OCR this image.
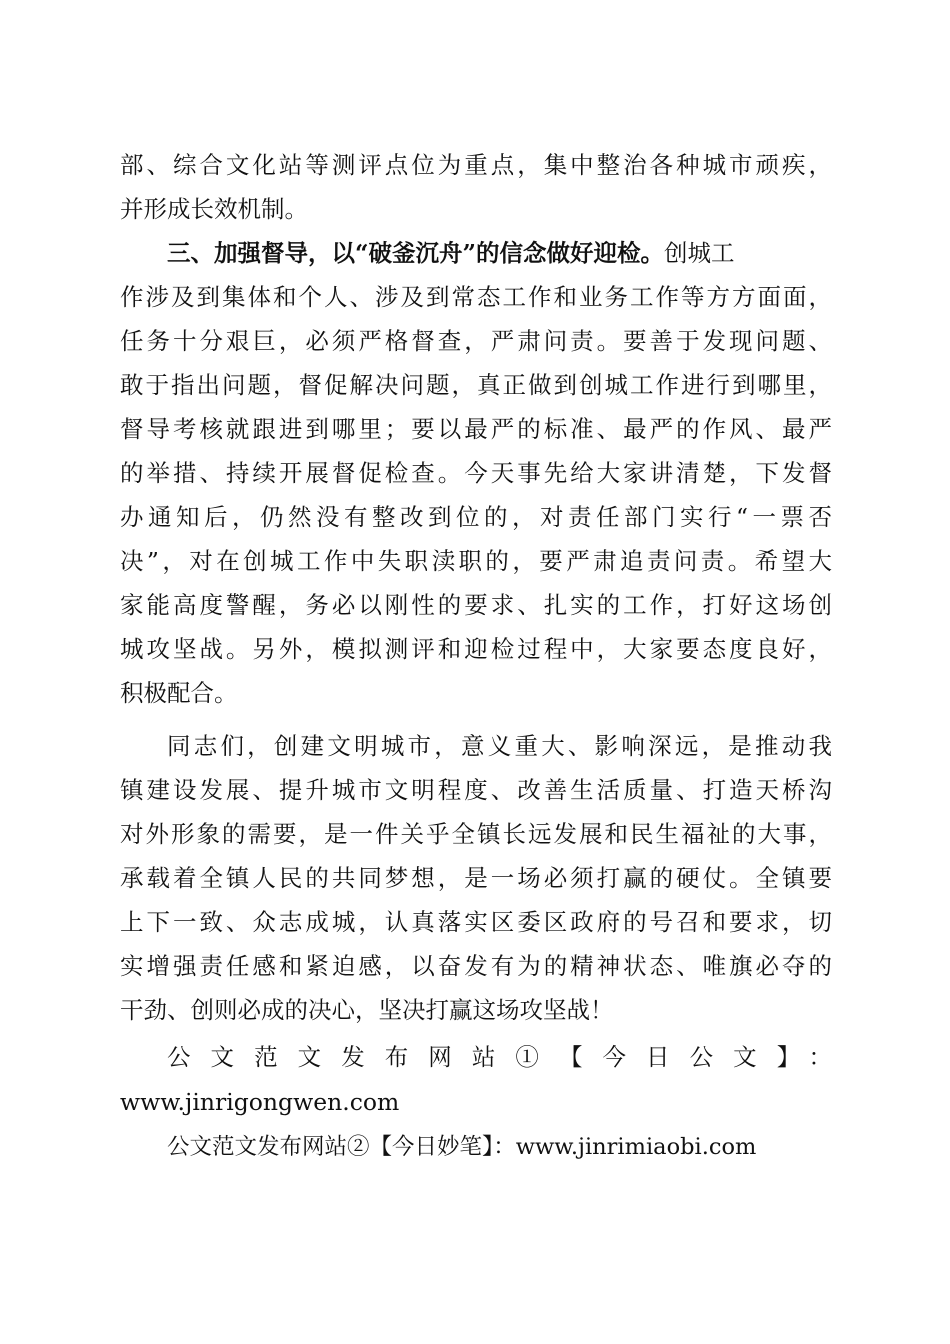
部、综合文化站等测评点位为重点，集中整治各种城市顽疾，
并形成长效机制。
三、加强督导，以“破釜沉舟”的信念做好迎检。创城工
作涉及到集体和个人、涉及到常态工作和业务工作等方方面面，
任务十分艰巨，必须严格督查，严肃问责。要善于发现问题、
敢于指出问题，督促解决问题，真正做到创城工作进行到哪里，
督导考核就跟进到哪里；要以最严的标准、最严的作风、最严
的举措、持续开展督促检查。今天事先给大家讲清楚，下发督
办通知后，仍然没有整改到位的，对责任部门实行“一票否
决”，对在创城工作中失职渎职的，要严肃追责问责。希望大
家能高度警醒，务必以刚性的要求、扎实的工作，打好这场创
城攻坚战。另外，模拟测评和迎检过程中，大家要态度良好，
积极配合。
同志们，创建文明城市，意义重大、影响深远，是推动我
镇建设发展、提升城市文明程度、改善生活质量、打造天桥沟
对外形象的需要，是一件关乎全镇长远发展和民生福祉的大事，
承载着全镇人民的共同梦想，是一场必须打赢的硬仗。全镇要
上下一致、众志成城，认真落实区委区政府的号召和要求，切
实增强责任感和紧迫感，以奋发有为的精神状态、唯旗必夺的
干劲、创则必成的决心，坚决打赢这场攻坚战！
公文范文发布网站①【今日公文】：
www.jinrigongwen.com
公文范文发布网站②【今日妙笔】：www.jinrimiaobi.com
